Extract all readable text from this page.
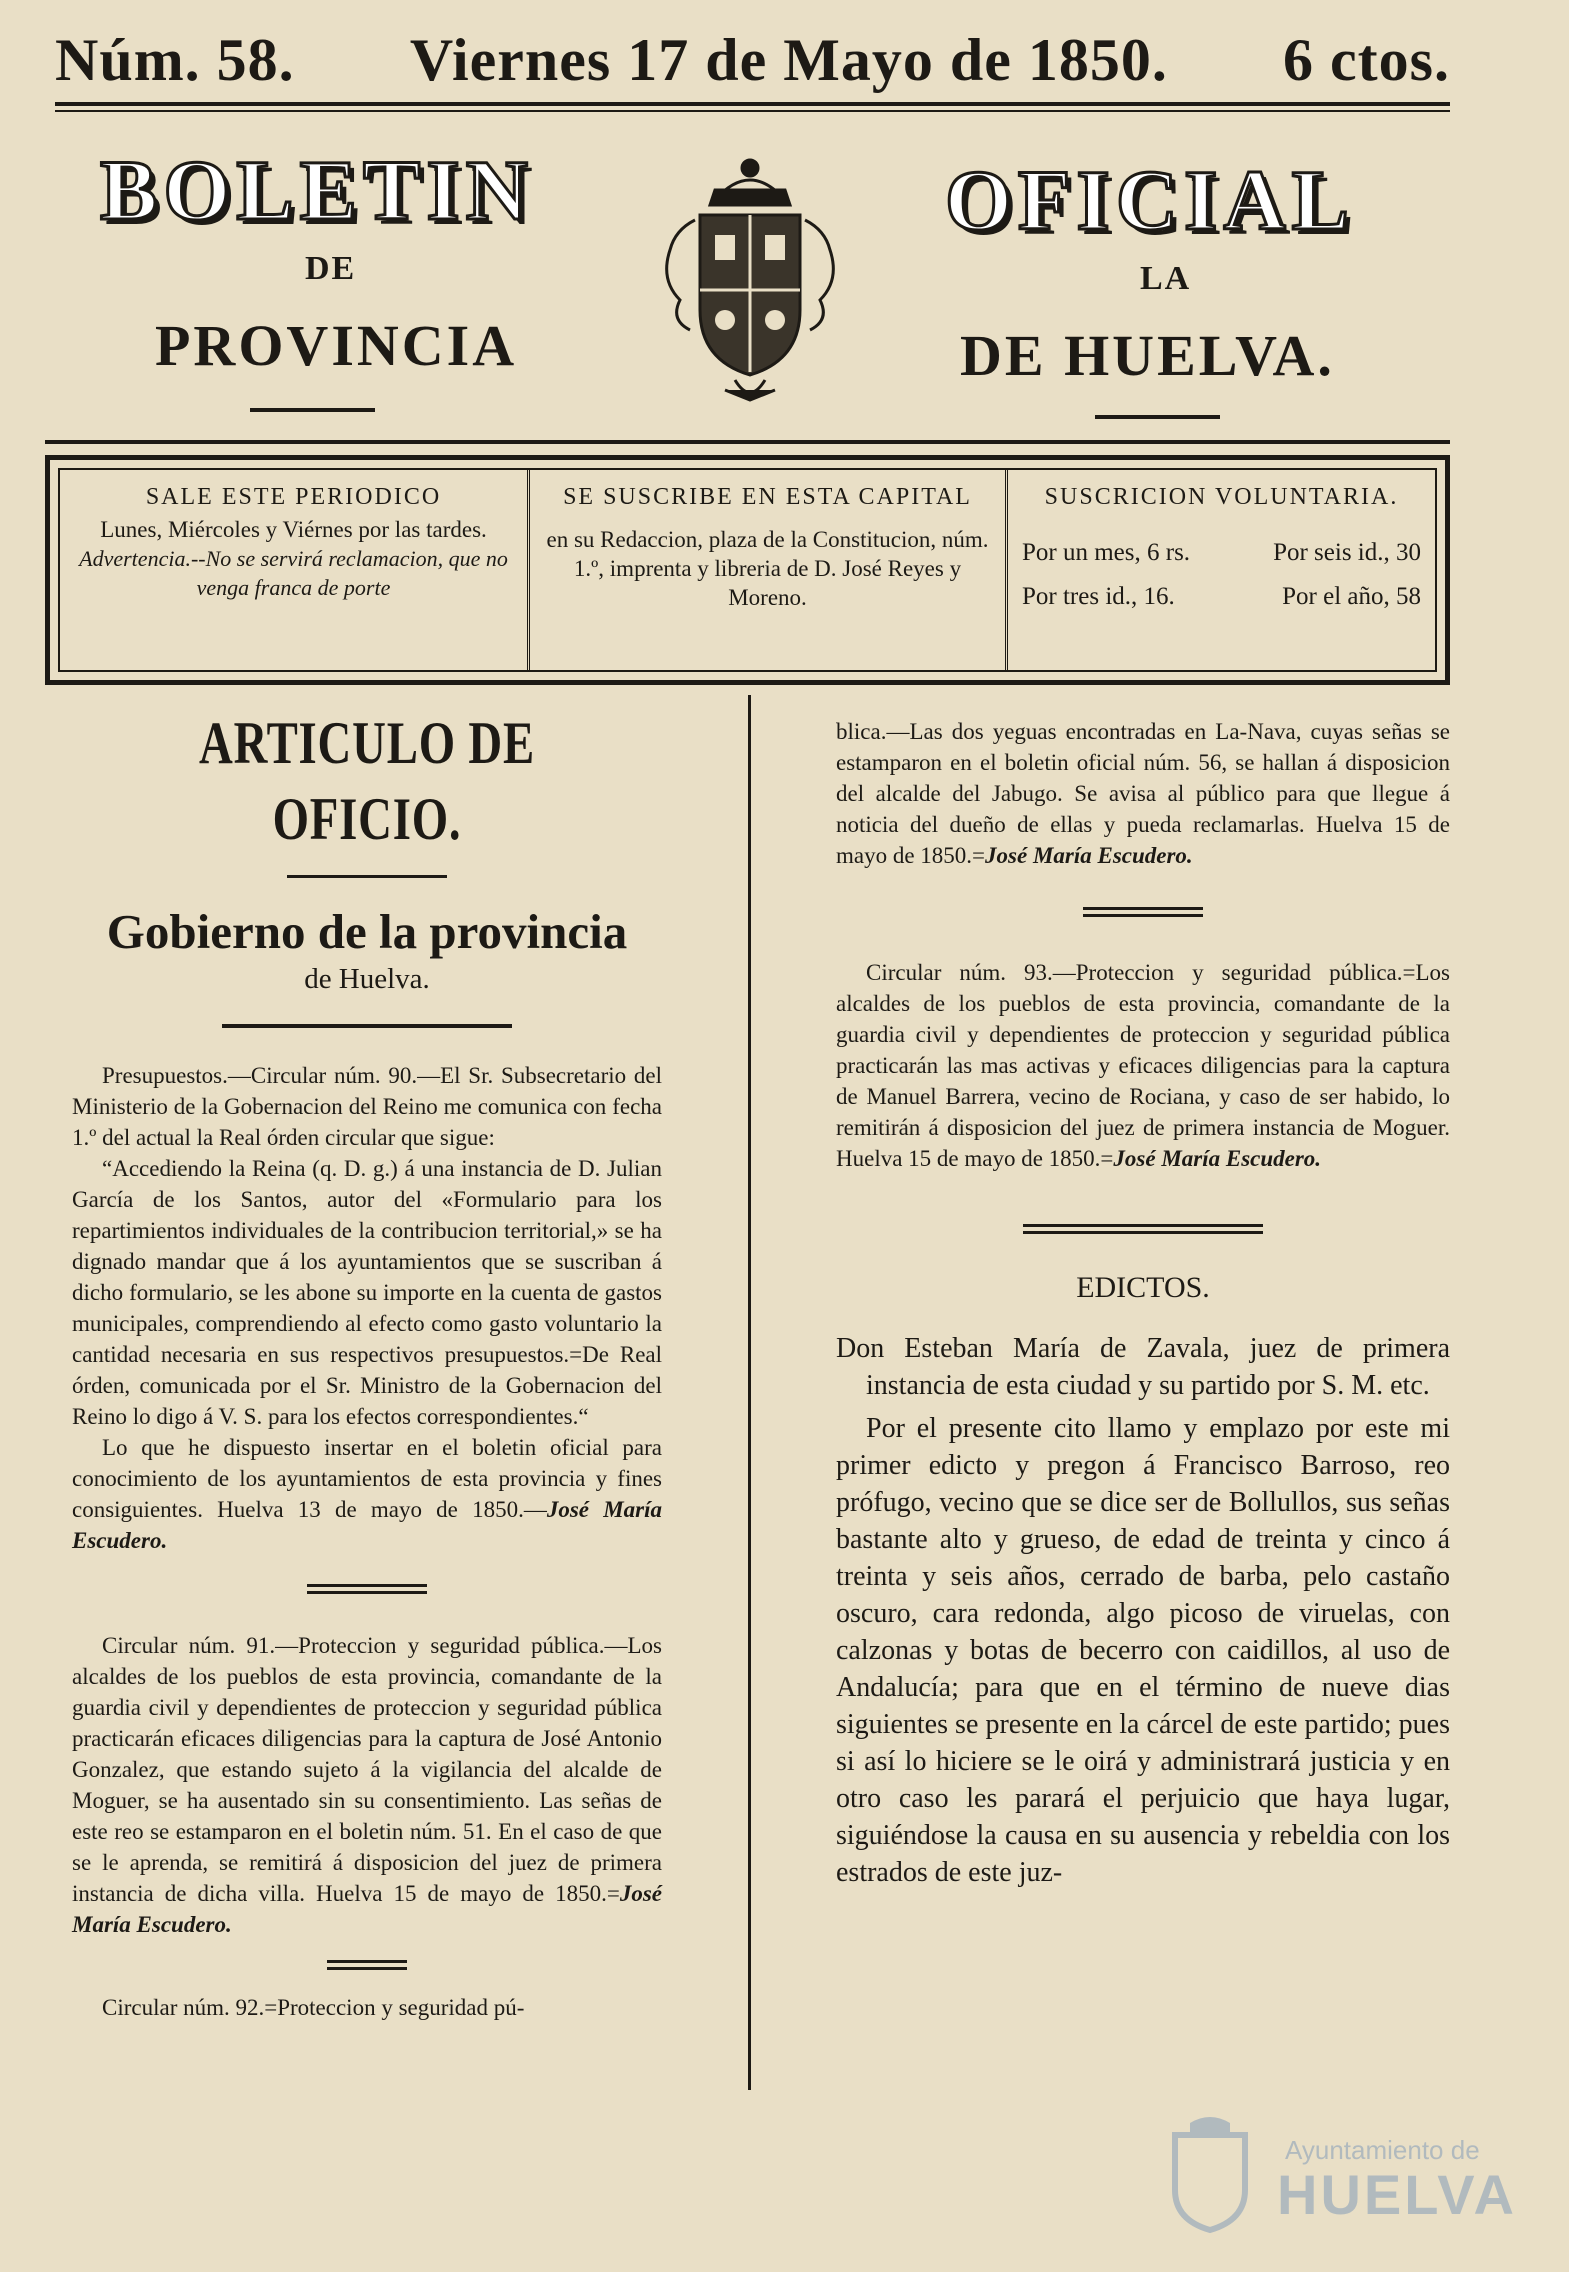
Núm. 58. Viernes 17 de Mayo de 1850. 6 ctos.
BOLETIN	OFICIAL
DE	LA
PROVINCIA	DE HUELVA.
SALE ESTE PERIODICO
Lunes, Miércoles y Viérnes por las tardes.
Advertencia.--No se servirá reclamacion, que no venga franca de porte
SE SUSCRIBE EN ESTA CAPITAL
en su Redaccion, plaza de la Constitucion, núm. 1.º, imprenta y libreria de D. José Reyes y Moreno.
SUSCRICION VOLUNTARIA.
Por un mes, 6 rs.	Por seis id., 30
Por tres id., 16.	Por el año, 58
ARTICULO DE OFICIO.
Gobierno de la provincia
de Huelva.

Presupuestos.—Circular núm. 90.—El Sr. Subsecretario del Ministerio de la Gobernacion del Reino me comunica con fecha 1.º del actual la Real órden circular que sigue:

“Accediendo la Reina (q. D. g.) á una instancia de D. Julian García de los Santos, autor del «Formulario para los repartimientos individuales de la contribucion territorial,» se ha dignado mandar que á los ayuntamientos que se suscriban á dicho formulario, se les abone su importe en la cuenta de gastos municipales, comprendiendo al efecto como gasto voluntario la cantidad necesaria en sus respectivos presupuestos.=De Real órden, comunicada por el Sr. Ministro de la Gobernacion del Reino lo digo á V. S. para los efectos correspondientes.“

Lo que he dispuesto insertar en el boletin oficial para conocimiento de los ayuntamientos de esta provincia y fines consiguientes. Huelva 13 de mayo de 1850.—José María Escudero.

Circular núm. 91.—Proteccion y seguridad pública.—Los alcaldes de los pueblos de esta provincia, comandante de la guardia civil y dependientes de proteccion y seguridad pública practicarán eficaces diligencias para la captura de José Antonio Gonzalez, que estando sujeto á la vigilancia del alcalde de Moguer, se ha ausentado sin su consentimiento. Las señas de este reo se estamparon en el boletin núm. 51. En el caso de que se le aprenda, se remitirá á disposicion del juez de primera instancia de dicha villa. Huelva 15 de mayo de 1850.=José María Escudero.

Circular núm. 92.=Proteccion y seguridad pú-

blica.—Las dos yeguas encontradas en La-Nava, cuyas señas se estamparon en el boletin oficial núm. 56, se hallan á disposicion del alcalde del Jabugo. Se avisa al público para que llegue á noticia del dueño de ellas y pueda reclamarlas. Huelva 15 de mayo de 1850.=José María Escudero.

Circular núm. 93.—Proteccion y seguridad pública.=Los alcaldes de los pueblos de esta provincia, comandante de la guardia civil y dependientes de proteccion y seguridad pública practicarán las mas activas y eficaces diligencias para la captura de Manuel Barrera, vecino de Rociana, y caso de ser habido, lo remitirán á disposicion del juez de primera instancia de Moguer. Huelva 15 de mayo de 1850.=José María Escudero.

EDICTOS.

Don Esteban María de Zavala, juez de primera instancia de esta ciudad y su partido por S. M. etc.

Por el presente cito llamo y emplazo por este mi primer edicto y pregon á Francisco Barroso, reo prófugo, vecino que se dice ser de Bollullos, sus señas bastante alto y grueso, de edad de treinta y cinco á treinta y seis años, cerrado de barba, pelo castaño oscuro, cara redonda, algo picoso de viruelas, con calzonas y botas de becerro con caidillos, al uso de Andalucía; para que en el término de nueve dias siguientes se presente en la cárcel de este partido; pues si así lo hiciere se le oirá y administrará justicia y en otro caso les parará el perjuicio que haya lugar, siguiéndose la causa en su ausencia y rebeldia con los estrados de este juz-

Ayuntamiento de
HUELVA
